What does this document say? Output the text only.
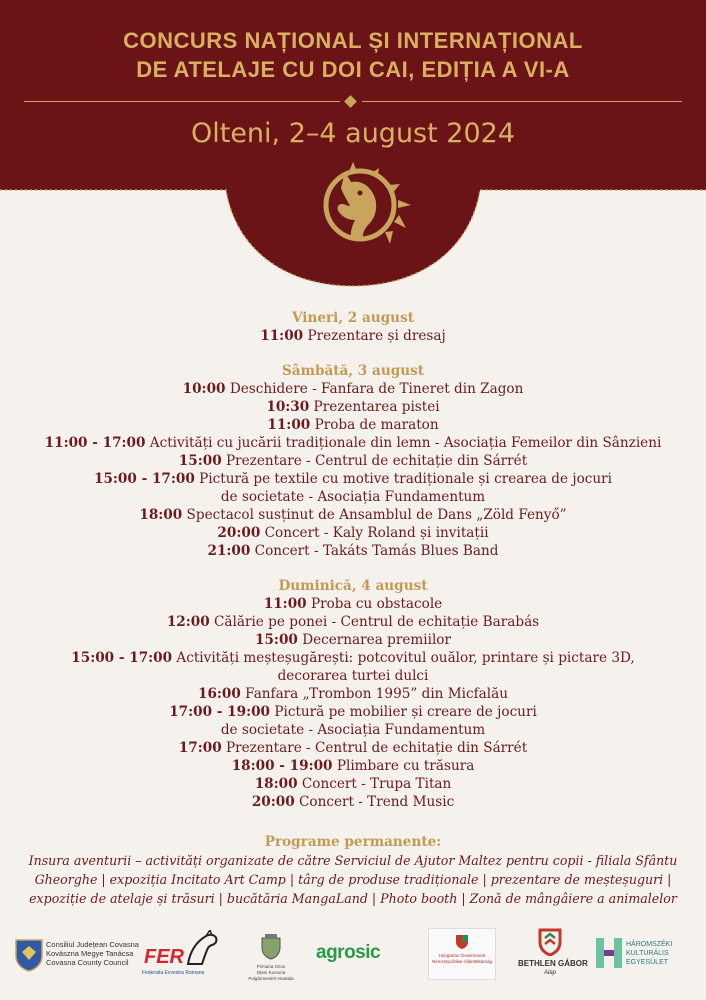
CONCURS NAȚIONAL ȘI INTERNAȚIONAL
DE ATELAJE CU DOI CAI, EDIȚIA A VI-A
Olteni, 2–4 august 2024
Vineri, 2 august
11:00 Prezentare și dresaj
Sâmbătă, 3 august
10:00 Deschidere - Fanfara de Tineret din Zagon
10:30 Prezentarea pistei
11:00 Proba de maraton
11:00 - 17:00 Activități cu jucării tradiționale din lemn - Asociația Femeilor din Sânzieni
15:00 Prezentare - Centrul de echitație din Sárrét
15:00 - 17:00 Pictură pe textile cu motive tradiționale și crearea de jocuri
de societate - Asociația Fundamentum
18:00 Spectacol susținut de Ansamblul de Dans „Zöld Fenyő”
20:00 Concert - Kaly Roland și invitații
21:00 Concert - Takáts Tamás Blues Band
Duminică, 4 august
11:00 Proba cu obstacole
12:00 Călărie pe ponei - Centrul de echitație Barabás
15:00 Decernarea premiilor
15:00 - 17:00 Activități meșteșugărești: potcovitul ouălor, printare și pictare 3D,
decorarea turtei dulci
16:00 Fanfara „Trombon 1995” din Micfalău
17:00 - 19:00 Pictură pe mobilier și creare de jocuri
de societate - Asociația Fundamentum
17:00 Prezentare - Centrul de echitație din Sárrét
18:00 - 19:00 Plimbare cu trăsura
18:00 Concert - Trupa Titan
20:00 Concert - Trend Music
Programe permanente:
Insura aventurii – activități organizate de către Serviciul de Ajutor Maltez pentru copii - filiala Sfântu
Gheorghe | expoziția Incitato Art Camp | târg de produse tradiționale | prezentare de meșteșuguri |
expoziție de atelaje și trăsuri | bucătăria MangaLand | Photo booth | Zonă de mângâiere a animalelor
Consiliul Județean Covasna
Kovászna Megye Tanácsa
Covasna County Council FER
Federatia Ecvestra Romana
Primaria Ozun
Oțeni Komuna Polgármesteri Hivatala
agrosic	Hungarian Government
Nemzetpolitikai Államtitkárság	BETHLEN GÁBOR
Alap
HÁROMSZÉKI
KULTURÁLIS
EGYESÜLET
